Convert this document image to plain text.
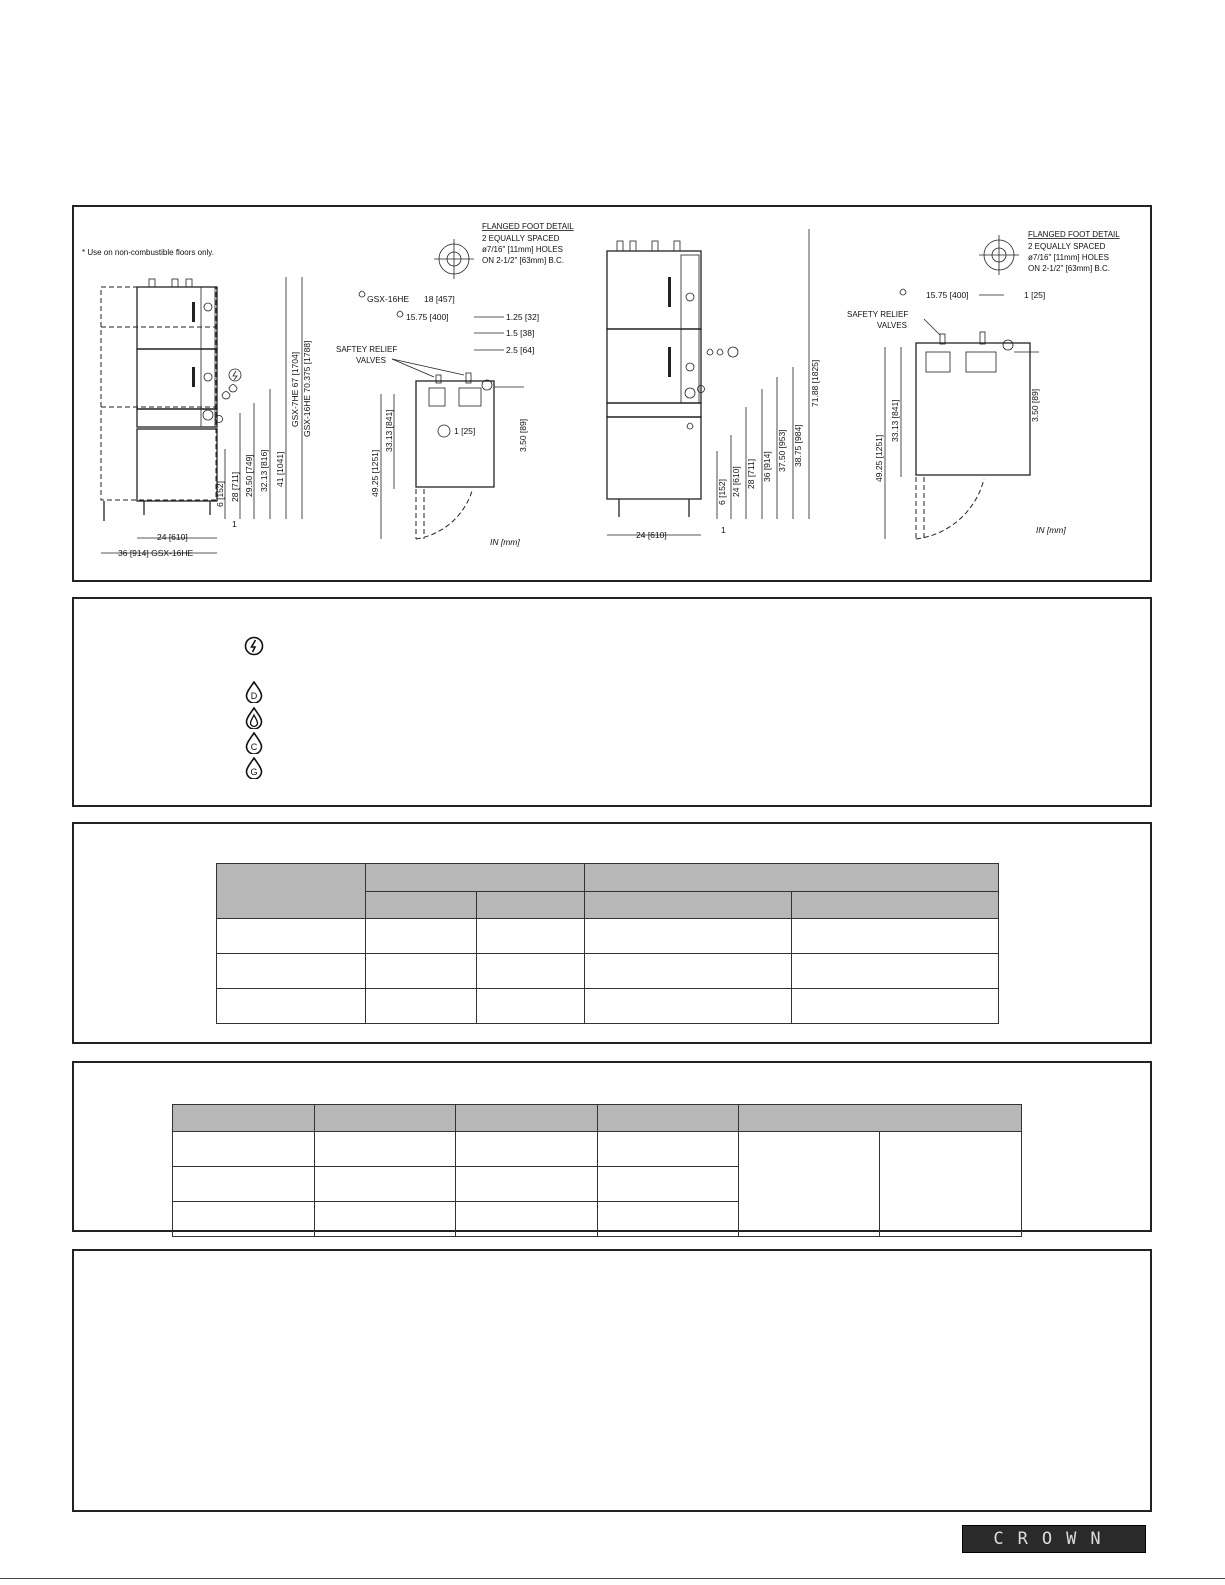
* Use on non-combustible floors only.
GSX-7HE 67 [1704] GSX-16HE 70.375 [1788]
41 [1041]
32.13 [816]
29.50 [749]
28 [711]
6 [152]
1
24 [610]
36 [914] GSX-16HE
FLANGED FOOT DETAIL
2 EQUALLY SPACED
ø7/16" [11mm] HOLES
ON 2-1/2" [63mm] B.C.
GSX-16HE 18 [457]
15.75 [400]	1.25 [32]
1.5 [38]
2.5 [64]
SAFTEY RELIEF
VALVES
1 [25]	3.50 [89]
49.25 [1251]
33.13 [841]
IN [mm]
71.88 [1825]
38.75 [984]
37.50 [953]
36 [914]
28 [711]
24 [610]
6 [152]
1
24 [610]
FLANGED FOOT DETAIL
2 EQUALLY SPACED
ø7/16" [11mm] HOLES
ON 2-1/2" [63mm] B.C.
15.75 [400]	1 [25]
SAFETY RELIEF
VALVES
3.50 [89]
49.25 [1251]
33.13 [841]
IN [mm]
D
C
G

CROWN
